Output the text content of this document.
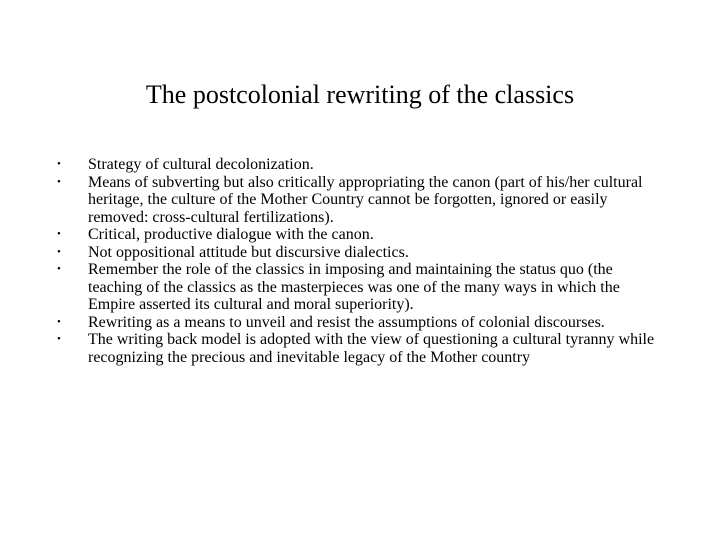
The postcolonial rewriting of the classics
• Strategy of cultural decolonization.
• Means of subverting but also critically appropriating the canon (part of his/her cultural heritage, the culture of the Mother Country cannot be forgotten, ignored or easily removed: cross-cultural fertilizations).
• Critical, productive dialogue with the canon.
• Not oppositional attitude but discursive dialectics.
• Remember the role of the classics in imposing and maintaining the status quo (the teaching of the classics as the masterpieces was one of the many ways in which the Empire asserted its cultural and moral superiority).
• Rewriting as a means to unveil and resist the assumptions of colonial discourses.
• The writing back model is adopted with the view of questioning a cultural tyranny while recognizing the precious and inevitable legacy of the Mother country
